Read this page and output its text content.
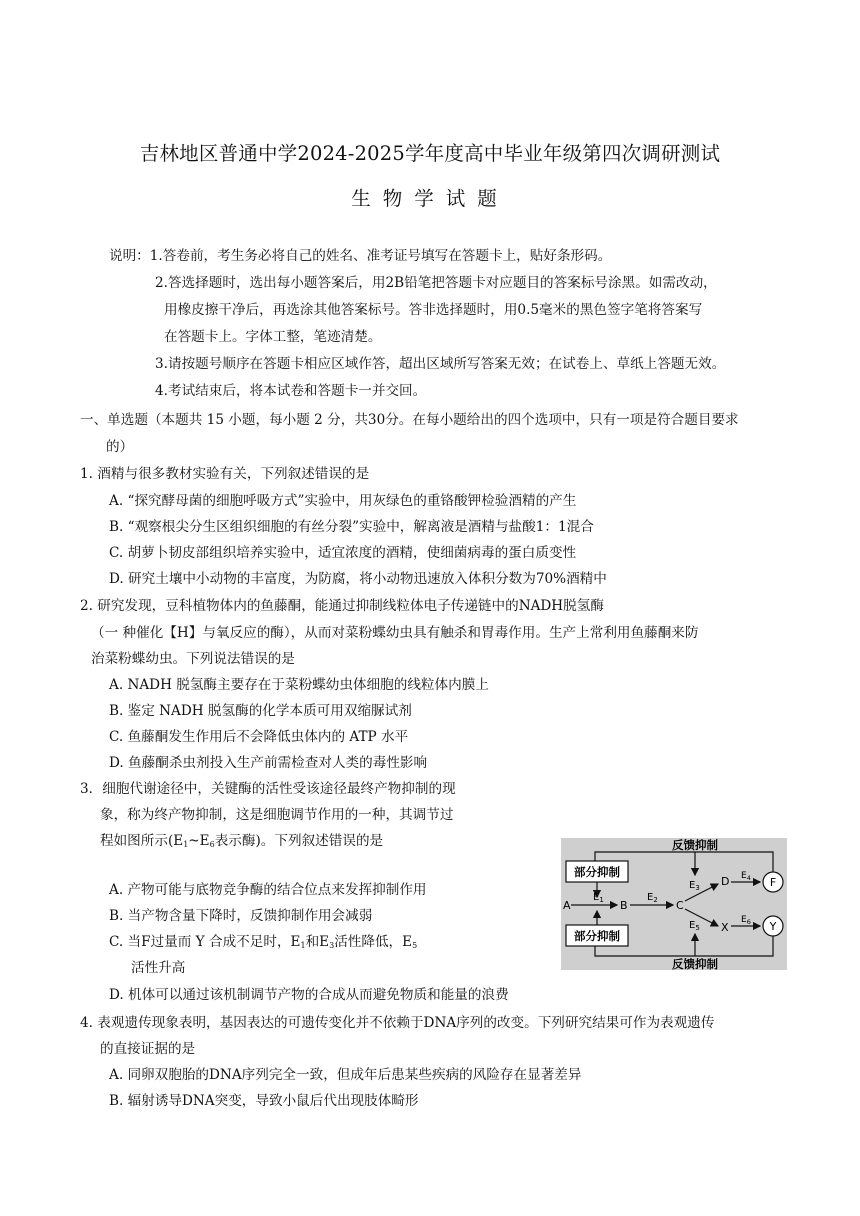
吉林地区普通中学2024-2025学年度高中毕业年级第四次调研测试
生物学试题
说明：1.答卷前，考生务必将自己的姓名、准考证号填写在答题卡上，贴好条形码。
2.答选择题时，选出每小题答案后，用2B铅笔把答题卡对应题目的答案标号涂黑。如需改动，
用橡皮擦干净后，再选涂其他答案标号。答非选择题时，用0.5毫米的黑色签字笔将答案写
在答题卡上。字体工整，笔迹清楚。
3.请按题号顺序在答题卡相应区域作答，超出区域所写答案无效；在试卷上、草纸上答题无效。
4.考试结束后，将本试卷和答题卡一并交回。
一、单选题（本题共 15 小题，每小题 2 分，共30分。在每小题给出的四个选项中，只有一项是符合题目要求
的）
1. 酒精与很多教材实验有关，下列叙述错误的是
A. “探究酵母菌的细胞呼吸方式”实验中，用灰绿色的重铬酸钾检验酒精的产生
B. “观察根尖分生区组织细胞的有丝分裂”实验中，解离液是酒精与盐酸1：1混合
C. 胡萝卜韧皮部组织培养实验中，适宜浓度的酒精，使细菌病毒的蛋白质变性
D. 研究土壤中小动物的丰富度，为防腐，将小动物迅速放入体积分数为70%酒精中
2. 研究发现，豆科植物体内的鱼藤酮，能通过抑制线粒体电子传递链中的NADH脱氢酶
（一 种催化【H】与氧反应的酶），从而对菜粉蝶幼虫具有触杀和胃毒作用。生产上常利用鱼藤酮来防
治菜粉蝶幼虫。下列说法错误的是
A. NADH 脱氢酶主要存在于菜粉蝶幼虫体细胞的线粒体内膜上
B. 鉴定 NADH 脱氢酶的化学本质可用双缩脲试剂
C. 鱼藤酮发生作用后不会降低虫体内的 ATP 水平
D. 鱼藤酮杀虫剂投入生产前需检查对人类的毒性影响
3．细胞代谢途径中，关键酶的活性受该途径最终产物抑制的现
象，称为终产物抑制，这是细胞调节作用的一种，其调节过
程如图所示($E_1\sim E_6$表示酶)。下列叙述错误的是
A. 产物可能与底物竞争酶的结合位点来发挥抑制作用
B. 当产物含量下降时，反馈抑制作用会减弱
C. 当F过量而 Y 合成不足时，$E_1$和$E_3$活性降低，$E_5$
活性升高
D. 机体可以通过该机制调节产物的合成从而避免物质和能量的浪费
4. 表观遗传现象表明，基因表达的可遗传变化并不依赖于DNA序列的改变。下列研究结果可作为表观遗传
的直接证据的是
A. 同卵双胞胎的DNA序列完全一致，但成年后患某些疾病的风险存在显著差异
B. 辐射诱导DNA突变，导致小鼠后代出现肢体畸形
部分抑制
部分抑制
反馈抑制
反馈抑制
A
$E_1$ B
$E_2$ C
$E_3$ D $E_4$ F
$E_5$ X
$E_6$ Y
